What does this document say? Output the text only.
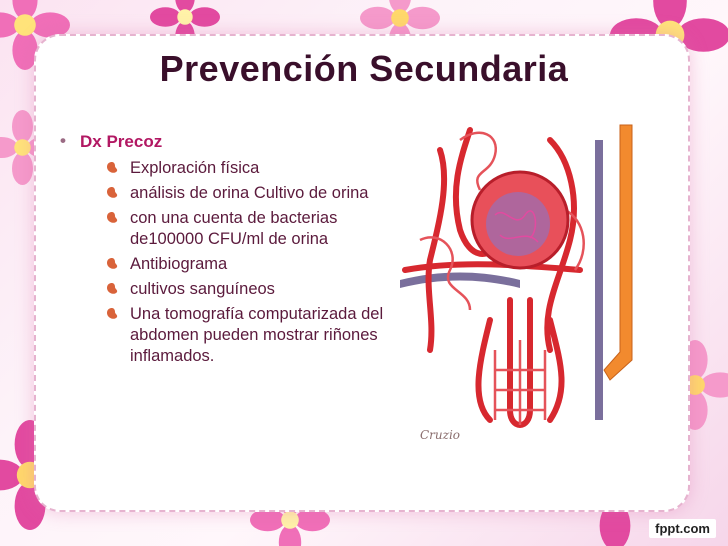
Prevención Secundaria
• Dx Precoz
Exploración física
análisis de orina Cultivo de orina
con una cuenta de bacterias de100000 CFU/ml de orina
Antibiograma
cultivos sanguíneos
Una tomografía computarizada del abdomen pueden mostrar riñones inflamados.
Cruzio
fppt.com
